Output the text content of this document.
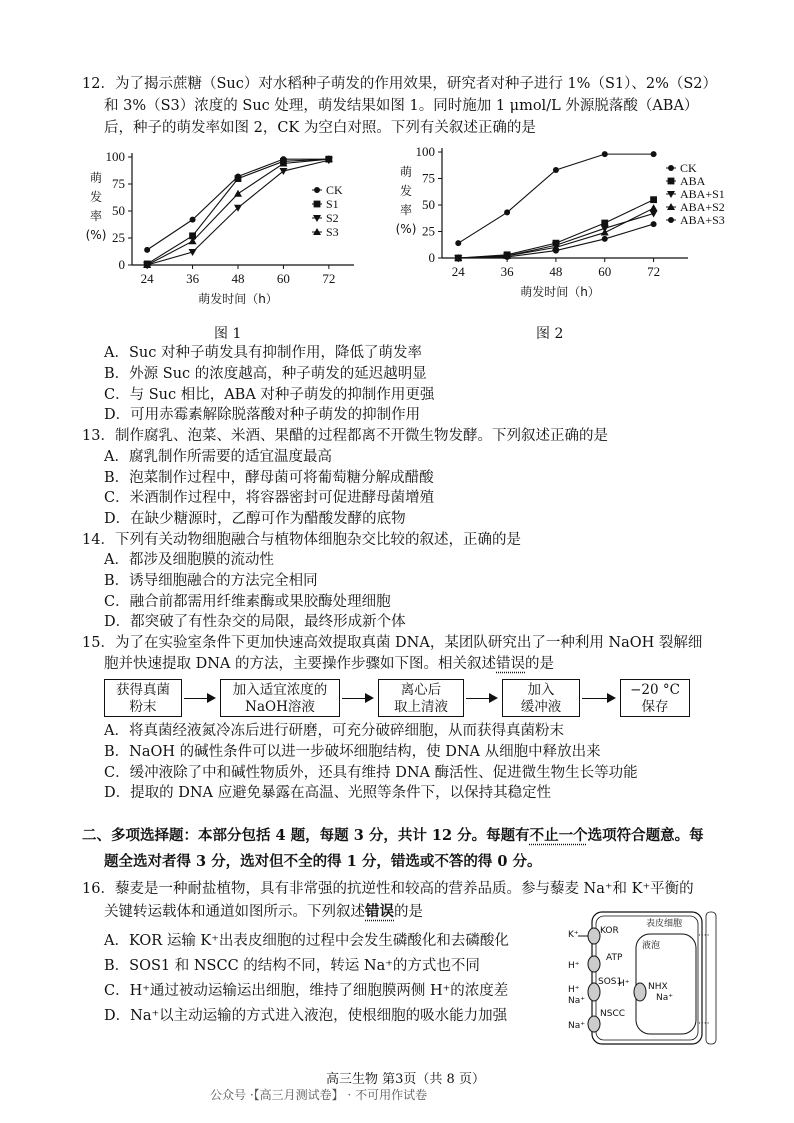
12．为了揭示蔗糖（Suc）对水稻种子萌发的作用效果，研究者对种子进行 1%（S1）、2%（S2）
和 3%（S3）浓度的 Suc 处理，萌发结果如图 1。同时施加 1 μmol/L 外源脱落酸（ABA）
后，种子的萌发率如图 2，CK 为空白对照。下列有关叙述正确的是
0
25
50
75
100
24 36 48 60 72
萌
发
率
(%)
萌发时间（h）
CK
S1
S2
S3
图 1
0
25
50
75
100
24	36	48	60	72
萌
发
率
(%)
萌发时间（h）
CK
ABA
ABA+S1
ABA+S2
ABA+S3
图 2
A．Suc 对种子萌发具有抑制作用，降低了萌发率
B．外源 Suc 的浓度越高，种子萌发的延迟越明显
C．与 Suc 相比，ABA 对种子萌发的抑制作用更强
D．可用赤霉素解除脱落酸对种子萌发的抑制作用
13．制作腐乳、泡菜、米酒、果醋的过程都离不开微生物发酵。下列叙述正确的是
A．腐乳制作所需要的适宜温度最高
B．泡菜制作过程中，酵母菌可将葡萄糖分解成醋酸
C．米酒制作过程中，将容器密封可促进酵母菌增殖
D．在缺少糖源时，乙醇可作为醋酸发酵的底物
14．下列有关动物细胞融合与植物体细胞杂交比较的叙述，正确的是
A．都涉及细胞膜的流动性
B．诱导细胞融合的方法完全相同
C．融合前都需用纤维素酶或果胶酶处理细胞
D．都突破了有性杂交的局限，最终形成新个体
15．为了在实验室条件下更加快速高效提取真菌 DNA，某团队研究出了一种利用 NaOH 裂解细
胞并快速提取 DNA 的方法，主要操作步骤如下图。相关叙述错误的是
获得真菌
粉末
加入适宜浓度的
NaOH溶液
离心后
取上清液
加入
缓冲液
−20 °C
保存
A．将真菌经液氮冷冻后进行研磨，可充分破碎细胞，从而获得真菌粉末
B．NaOH 的碱性条件可以进一步破坏细胞结构，使 DNA 从细胞中释放出来
C．缓冲液除了中和碱性物质外，还具有维持 DNA 酶活性、促进微生物生长等功能
D．提取的 DNA 应避免暴露在高温、光照等条件下，以保持其稳定性
二、多项选择题：本部分包括 4 题，每题 3 分，共计 12 分。每题有不止一个选项符合题意。每
题全选对者得 3 分，选对但不全的得 1 分，错选或不答的得 0 分。
16．藜麦是一种耐盐植物，具有非常强的抗逆性和较高的营养品质。参与藜麦 Na⁺和 K⁺平衡的
关键转运载体和通道如图所示。下列叙述错误的是
A．KOR 运输 K⁺出表皮细胞的过程中会发生磷酸化和去磷酸化
B．SOS1 和 NSCC 的结构不同，转运 Na⁺的方式也不同
C．H⁺通过被动运输运出细胞，维持了细胞膜两侧 H⁺的浓度差
D．Na⁺以主动运输的方式进入液泡，使根细胞的吸水能力加强
表皮细胞
液泡
····
····
KOR
K⁺
ATP
H⁺
SOS1
H⁺
Na⁺
NHX
H⁺
Na⁺
NSCC
Na⁺
高三生物 第3页（共 8 页）
公众号 ·【高三月测试卷】 · 不可用作试卷
